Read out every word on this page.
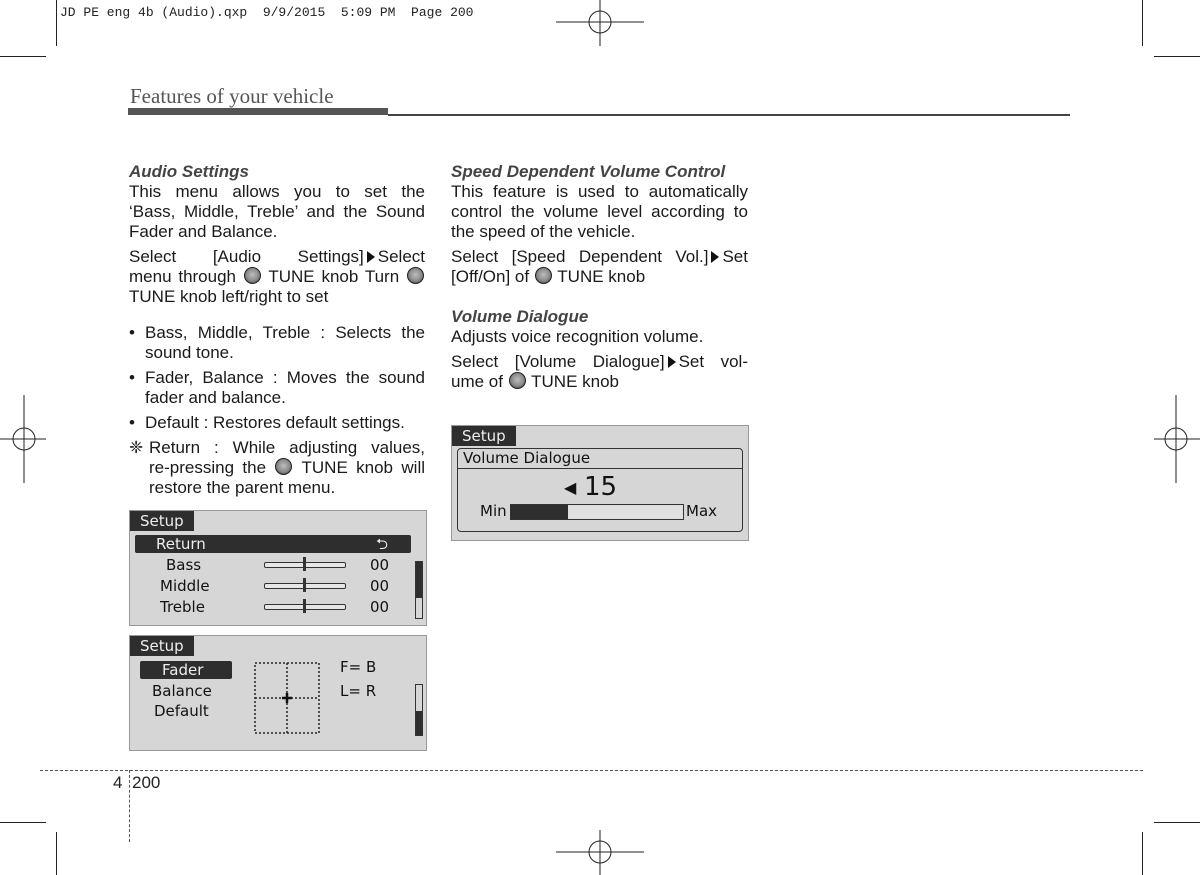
JD PE eng 4b (Audio).qxp  9/9/2015  5:09 PM  Page 200
Features of your vehicle

Audio Settings

This menu allows you to set the

‘Bass, Middle, Treble’ and the Sound

Fader and Balance.

Select [Audio Settings] Select

menu through TUNE knob Turn

TUNE knob left/right to set

• Bass, Middle, Treble : Selects the

sound tone.

• Fader, Balance : Moves the sound

fader and balance.

• Default : Restores default settings.

❈ Return : While adjusting values,

re-pressing the TUNE knob will

restore the parent menu.

Setup
Return	⮌
Bass	00
Middle	00
Treble	00
Setup
Fader
Balance
Default
F= B
L= R

Speed Dependent Volume Control

This feature is used to automatically

control the volume level according to

the speed of the vehicle.

Select [Speed Dependent Vol.] Set

[Off/On] of TUNE knob

Volume Dialogue

Adjusts voice recognition volume.

Select [Volume Dialogue] Set vol-

ume of TUNE knob

Setup
Volume Dialogue
◀ 15
Min	Max
4 200
